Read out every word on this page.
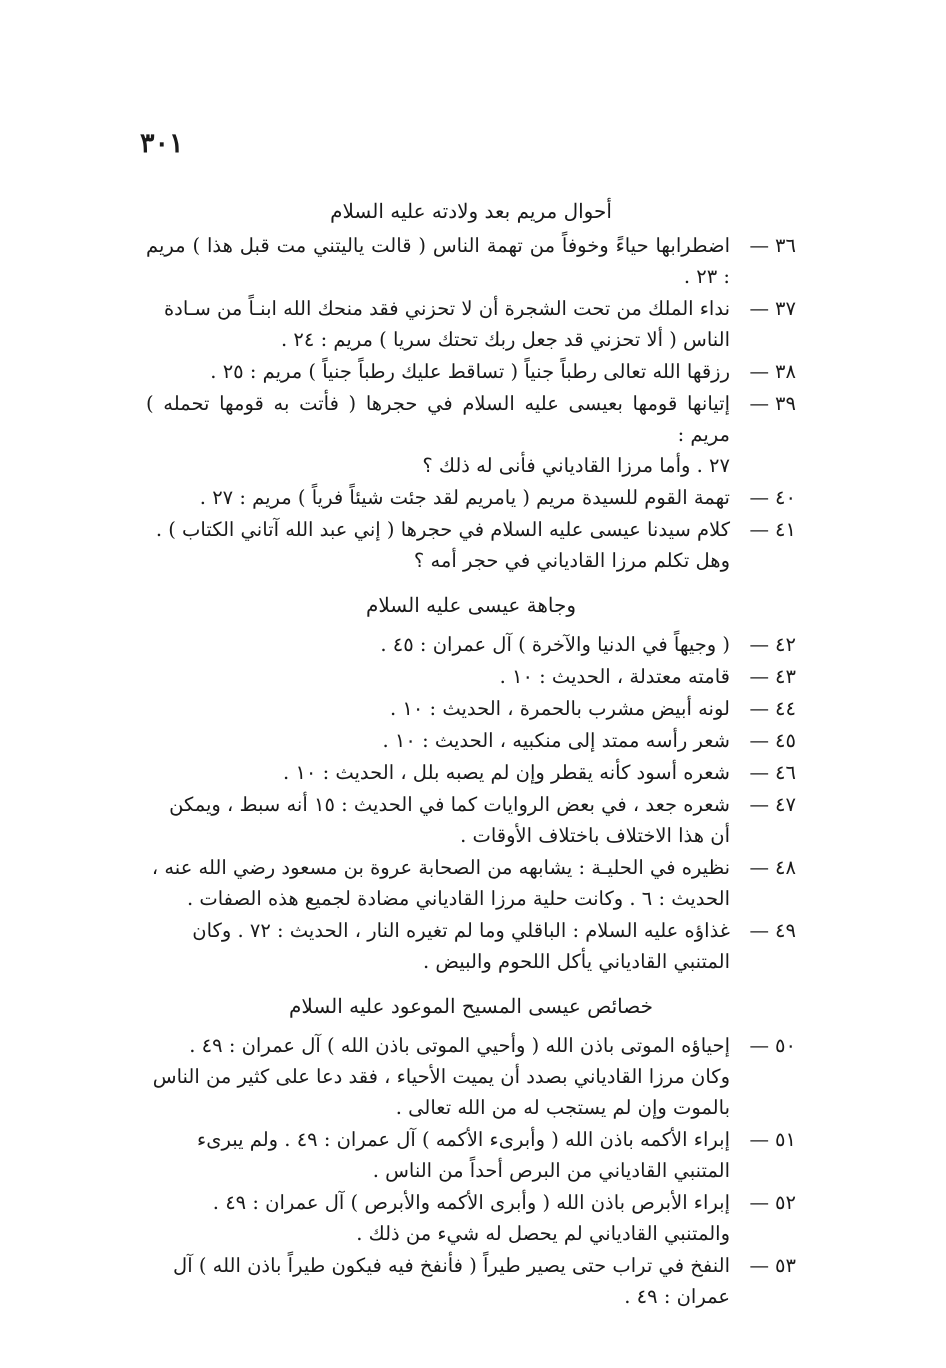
٣٠١
أحوال مريم بعد ولادته عليه السلام
٣٦—

اضطرابها حياءً وخوفاً من تهمة الناس ( قالت ياليتني مت قبل هذا ) مريم : ٢٣ .

٣٧—

نداء الملك من تحت الشجرة أن لا تحزني فقد منحك الله ابنـاً من سـادة

الناس ( ألا تحزني قد جعل ربك تحتك سريا ) مريم : ٢٤ .

٣٨—

رزقها الله تعالى رطباً جنياً ( تساقط عليك رطباً جنياً ) مريم : ٢٥ .

٣٩—

إتيانها قومها بعيسى عليه السلام في حجرها ( فأتت به قومها تحمله ) مريم :

٢٧ . وأما مرزا القادياني فأنى له ذلك ؟

٤٠—

تهمة القوم للسيدة مريم ( يامريم لقد جئت شيئاً فرياً ) مريم : ٢٧ .

٤١—

كلام سيدنا عيسى عليه السلام في حجرها ( إني عبد الله آتاني الكتاب ) .

وهل تكلم مرزا القادياني في حجر أمه ؟

وجاهة عيسى عليه السلام
٤٢—

( وجيهاً في الدنيا والآخرة ) آل عمران : ٤٥ .

٤٣—

قامته معتدلة ، الحديث : ١٠ .

٤٤—

لونه أبيض مشرب بالحمرة ، الحديث : ١٠ .

٤٥—

شعر رأسه ممتد إلى منكبيه ، الحديث : ١٠ .

٤٦—

شعره أسود كأنه يقطر وإن لم يصبه بلل ، الحديث : ١٠ .

٤٧—

شعره جعد ، في بعض الروايات كما في الحديث : ١٥ أنه سبط ، ويمكن

أن هذا الاختلاف باختلاف الأوقات .

٤٨—

نظيره في الحليـة : يشابهه من الصحابة عروة بن مسعود رضي الله عنه ،

الحديث : ٦ . وكانت حلية مرزا القادياني مضادة لجميع هذه الصفات .

٤٩—

غذاؤه عليه السلام : الباقلي وما لم تغيره النار ، الحديث : ٧٢ . وكان

المتنبي القادياني يأكل اللحوم والبيض .

خصائص عيسى المسيح الموعود عليه السلام
٥٠—

إحياؤه الموتى باذن الله ( وأحيي الموتى باذن الله ) آل عمران : ٤٩ .

وكان مرزا القادياني بصدد أن يميت الأحياء ، فقد دعا على كثير من الناس

بالموت وإن لم يستجب له من الله تعالى .

٥١—

إبراء الأكمه باذن الله ( وأبرىء الأكمه ) آل عمران : ٤٩ . ولم يبرىء

المتنبي القادياني من البرص أحداً من الناس .

٥٢—

إبراء الأبرص باذن الله ( وأبرى الأكمه والأبرص ) آل عمران : ٤٩ .

والمتنبي القادياني لم يحصل له شيء من ذلك .

٥٣—

النفخ في تراب حتى يصير طيراً ( فأنفخ فيه فيكون طيراً باذن الله ) آل

عمران : ٤٩ .
